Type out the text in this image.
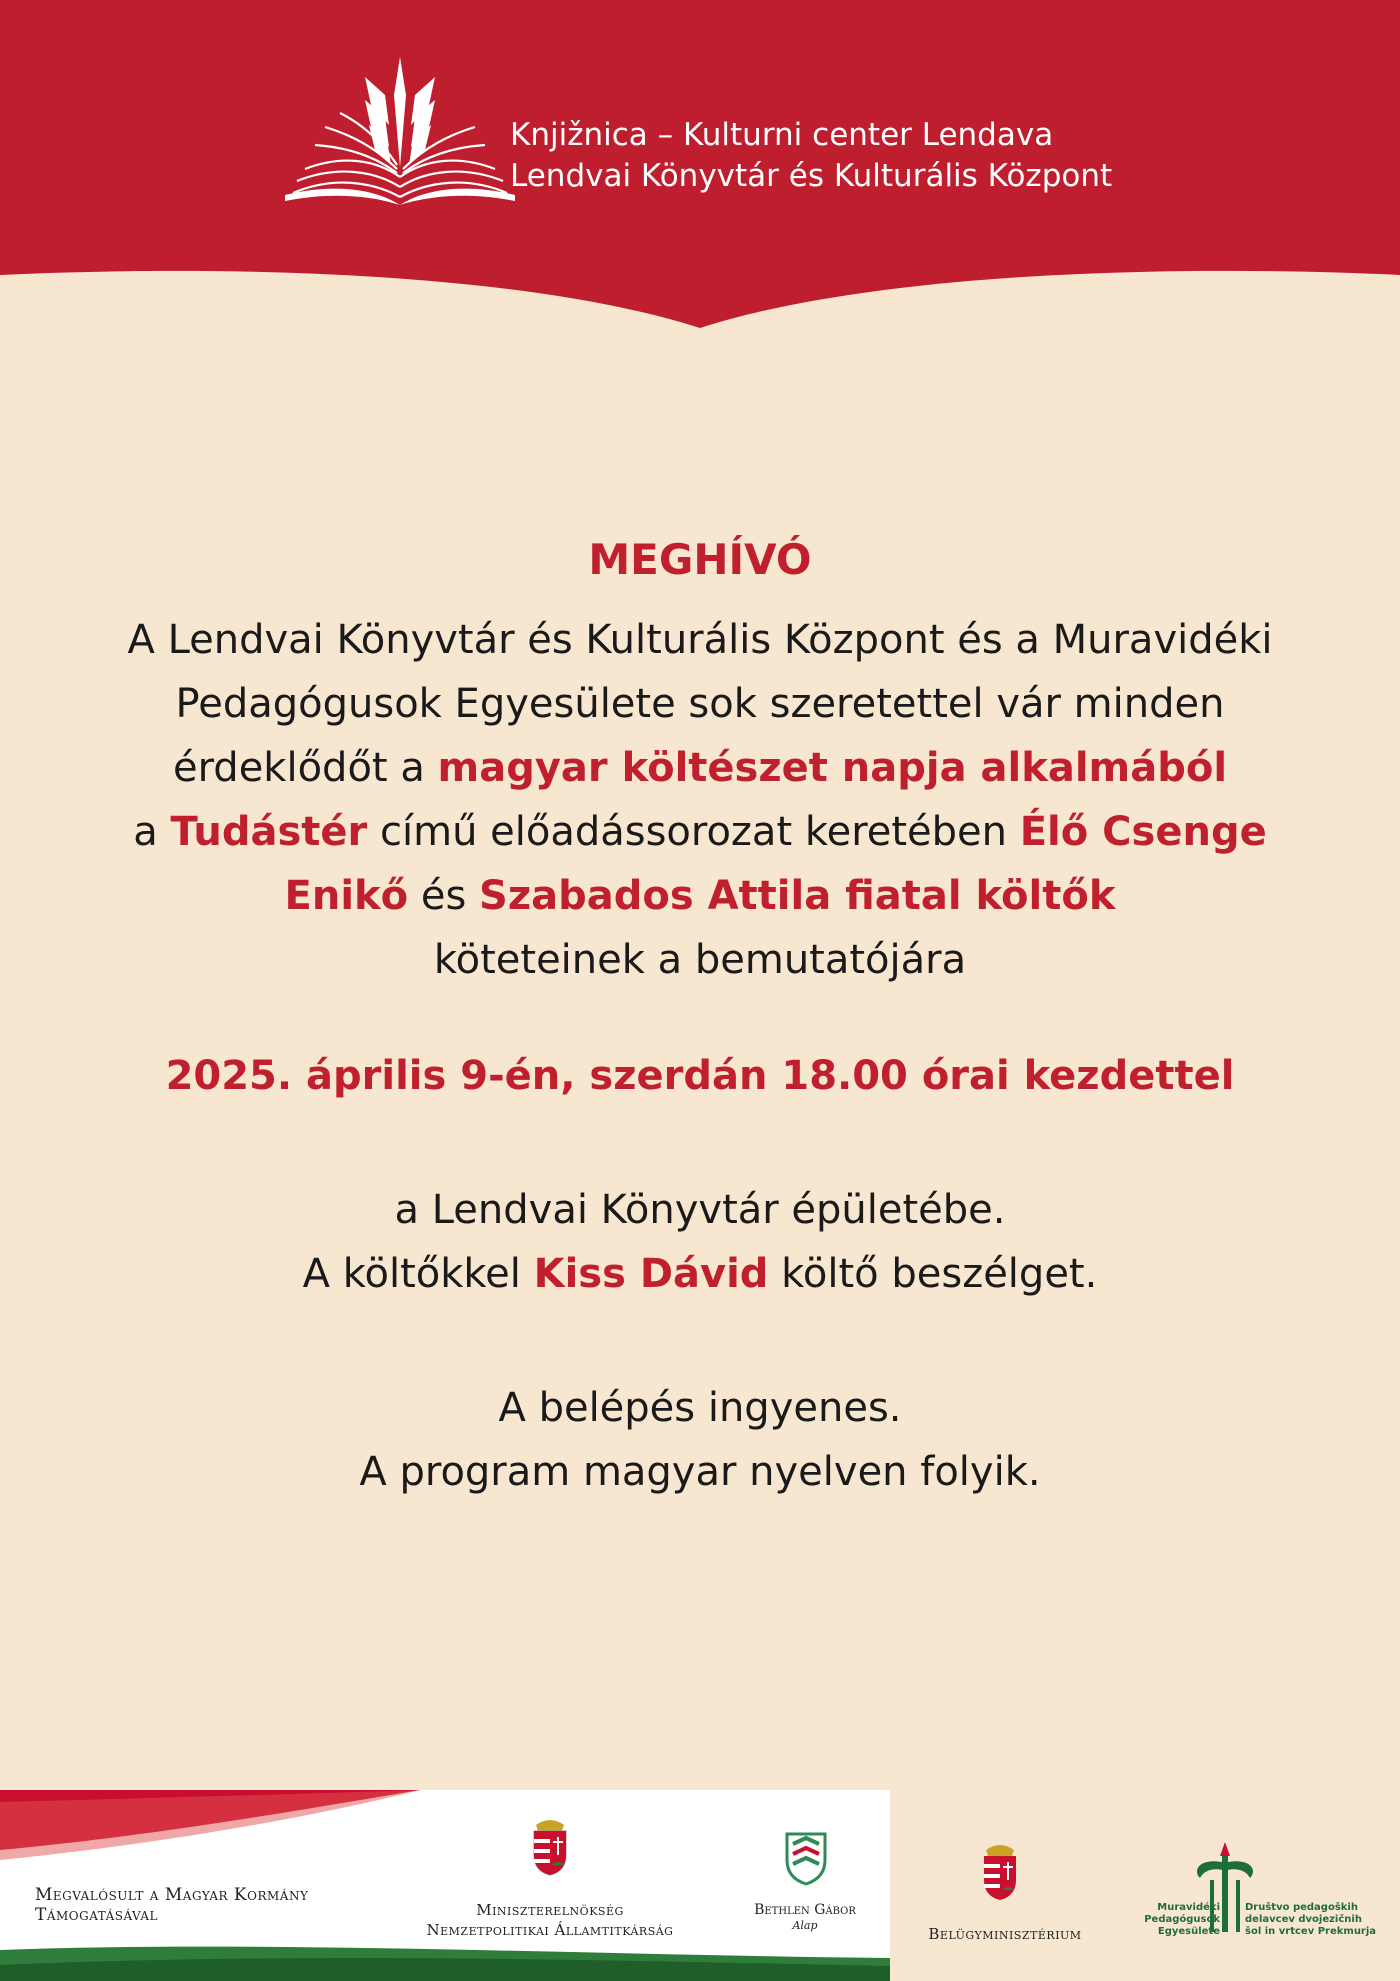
Knjižnica – Kulturni center Lendava
Lendvai Könyvtár és Kulturális Központ
MEGHÍVÓ

A Lendvai Könyvtár és Kulturális Központ és a Muravidéki
Pedagógusok Egyesülete sok szeretettel vár minden
érdeklődőt a magyar költészet napja alkalmából
a Tudástér című előadássorozat keretében Élő Csenge
Enikő és Szabados Attila fiatal költők
köteteinek a bemutatójára

2025. április 9-én, szerdán 18.00 órai kezdettel

a Lendvai Könyvtár épületébe.
A költőkkel Kiss Dávid költő beszélget.

A belépés ingyenes.
A program magyar nyelven folyik.

Megvalósult a Magyar Kormány
Támogatásával	Miniszterelnökség
Nemzetpolitikai Államtitkárság
Bethlen Gábor
Alap	Belügyminisztérium
Muravidéki
Pedagógusok
Egyesülete
Društvo pedagoških
delavcev dvojezičnih
šol in vrtcev Prekmurja
